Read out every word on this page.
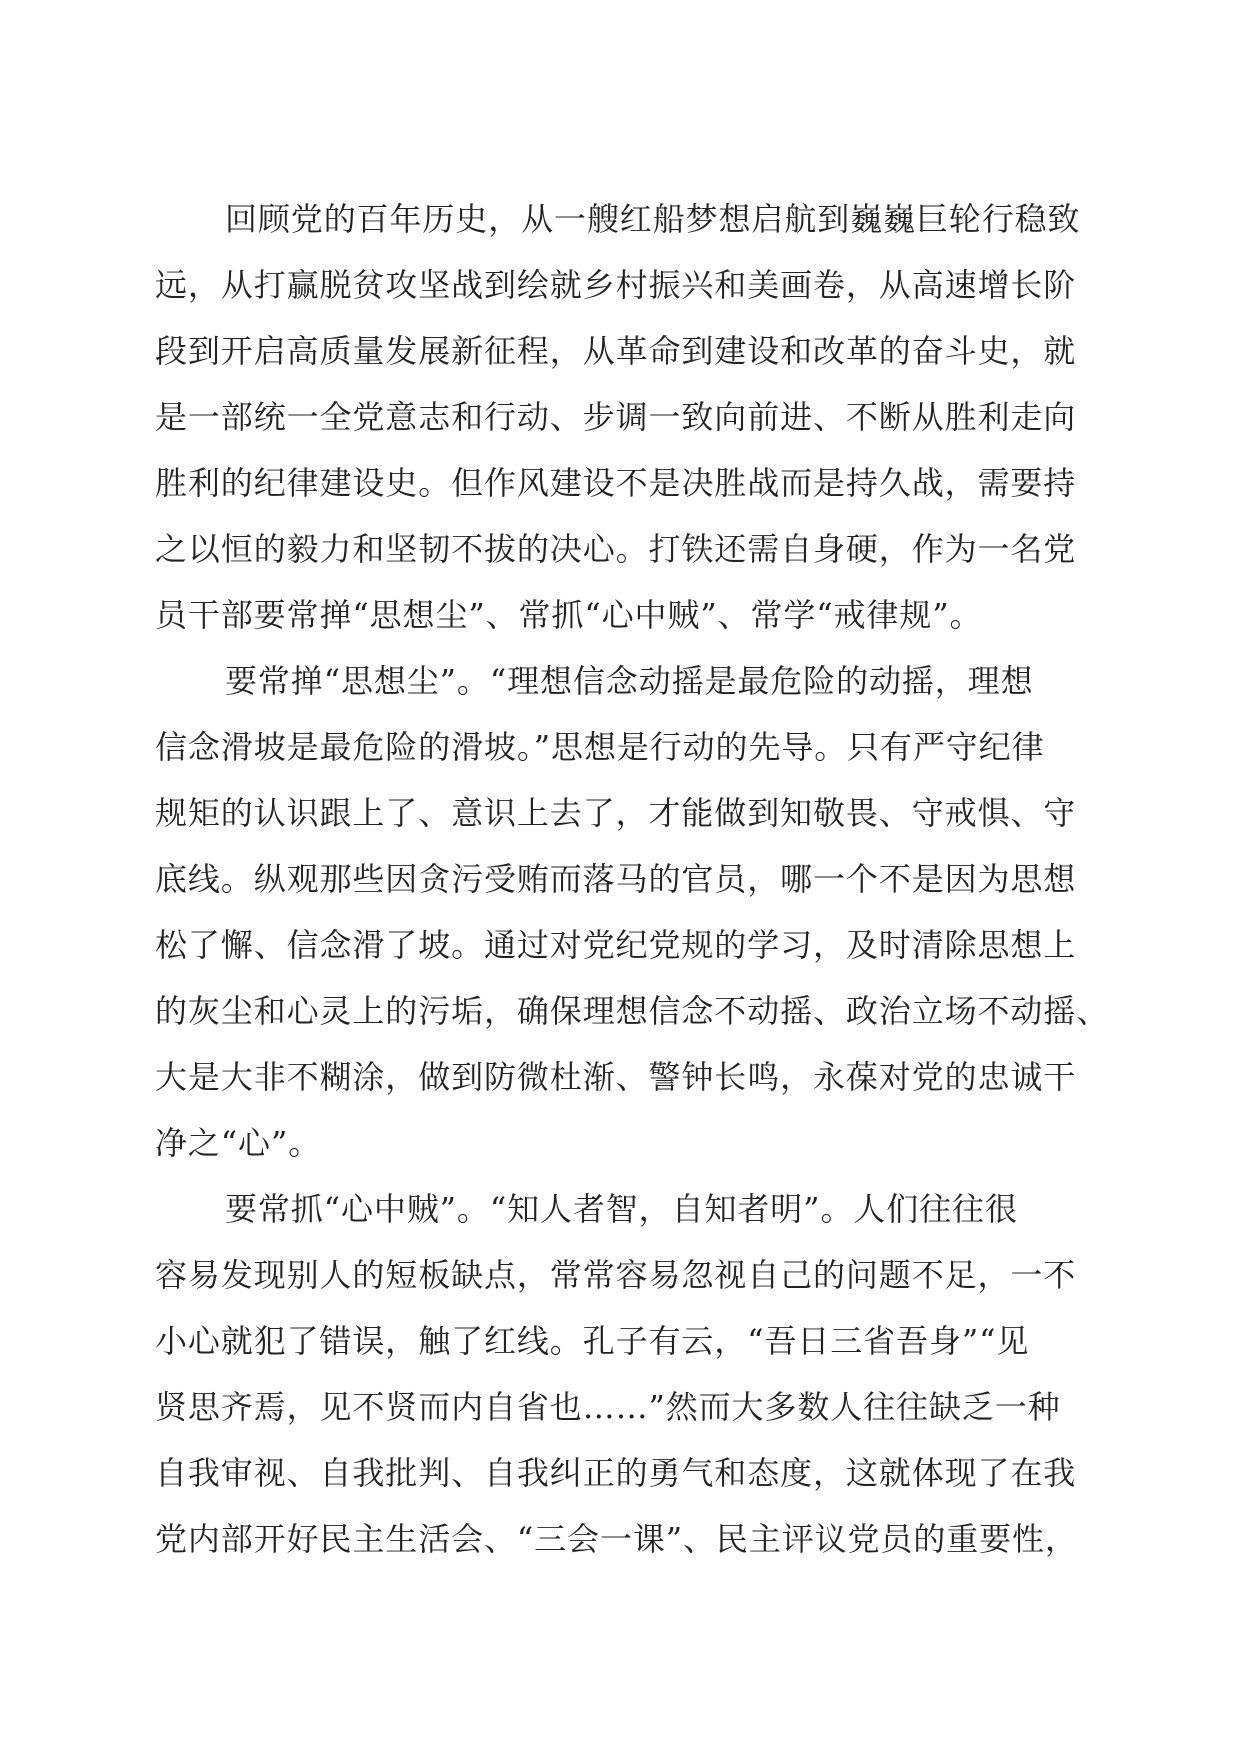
回顾党的百年历史，从一艘红船梦想启航到巍巍巨轮行稳致
远，从打赢脱贫攻坚战到绘就乡村振兴和美画卷，从高速增长阶
段到开启高质量发展新征程，从革命到建设和改革的奋斗史，就
是一部统一全党意志和行动、步调一致向前进、不断从胜利走向
胜利的纪律建设史。但作风建设不是决胜战而是持久战，需要持
之以恒的毅力和坚韧不拔的决心。打铁还需自身硬，作为一名党
员干部要常掸“思想尘”、常抓“心中贼”、常学“戒律规”。
要常掸“思想尘”。“理想信念动摇是最危险的动摇，理想
信念滑坡是最危险的滑坡。”思想是行动的先导。只有严守纪律
规矩的认识跟上了、意识上去了，才能做到知敬畏、守戒惧、守
底线。纵观那些因贪污受贿而落马的官员，哪一个不是因为思想
松了懈、信念滑了坡。通过对党纪党规的学习，及时清除思想上
的灰尘和心灵上的污垢，确保理想信念不动摇、政治立场不动摇、
大是大非不糊涂，做到防微杜渐、警钟长鸣，永葆对党的忠诚干
净之“心”。
要常抓“心中贼”。“知人者智，自知者明”。人们往往很
容易发现别人的短板缺点，常常容易忽视自己的问题不足，一不
小心就犯了错误，触了红线。孔子有云，“吾日三省吾身”“见
贤思齐焉，见不贤而内自省也……”然而大多数人往往缺乏一种
自我审视、自我批判、自我纠正的勇气和态度，这就体现了在我
党内部开好民主生活会、“三会一课”、民主评议党员的重要性，
